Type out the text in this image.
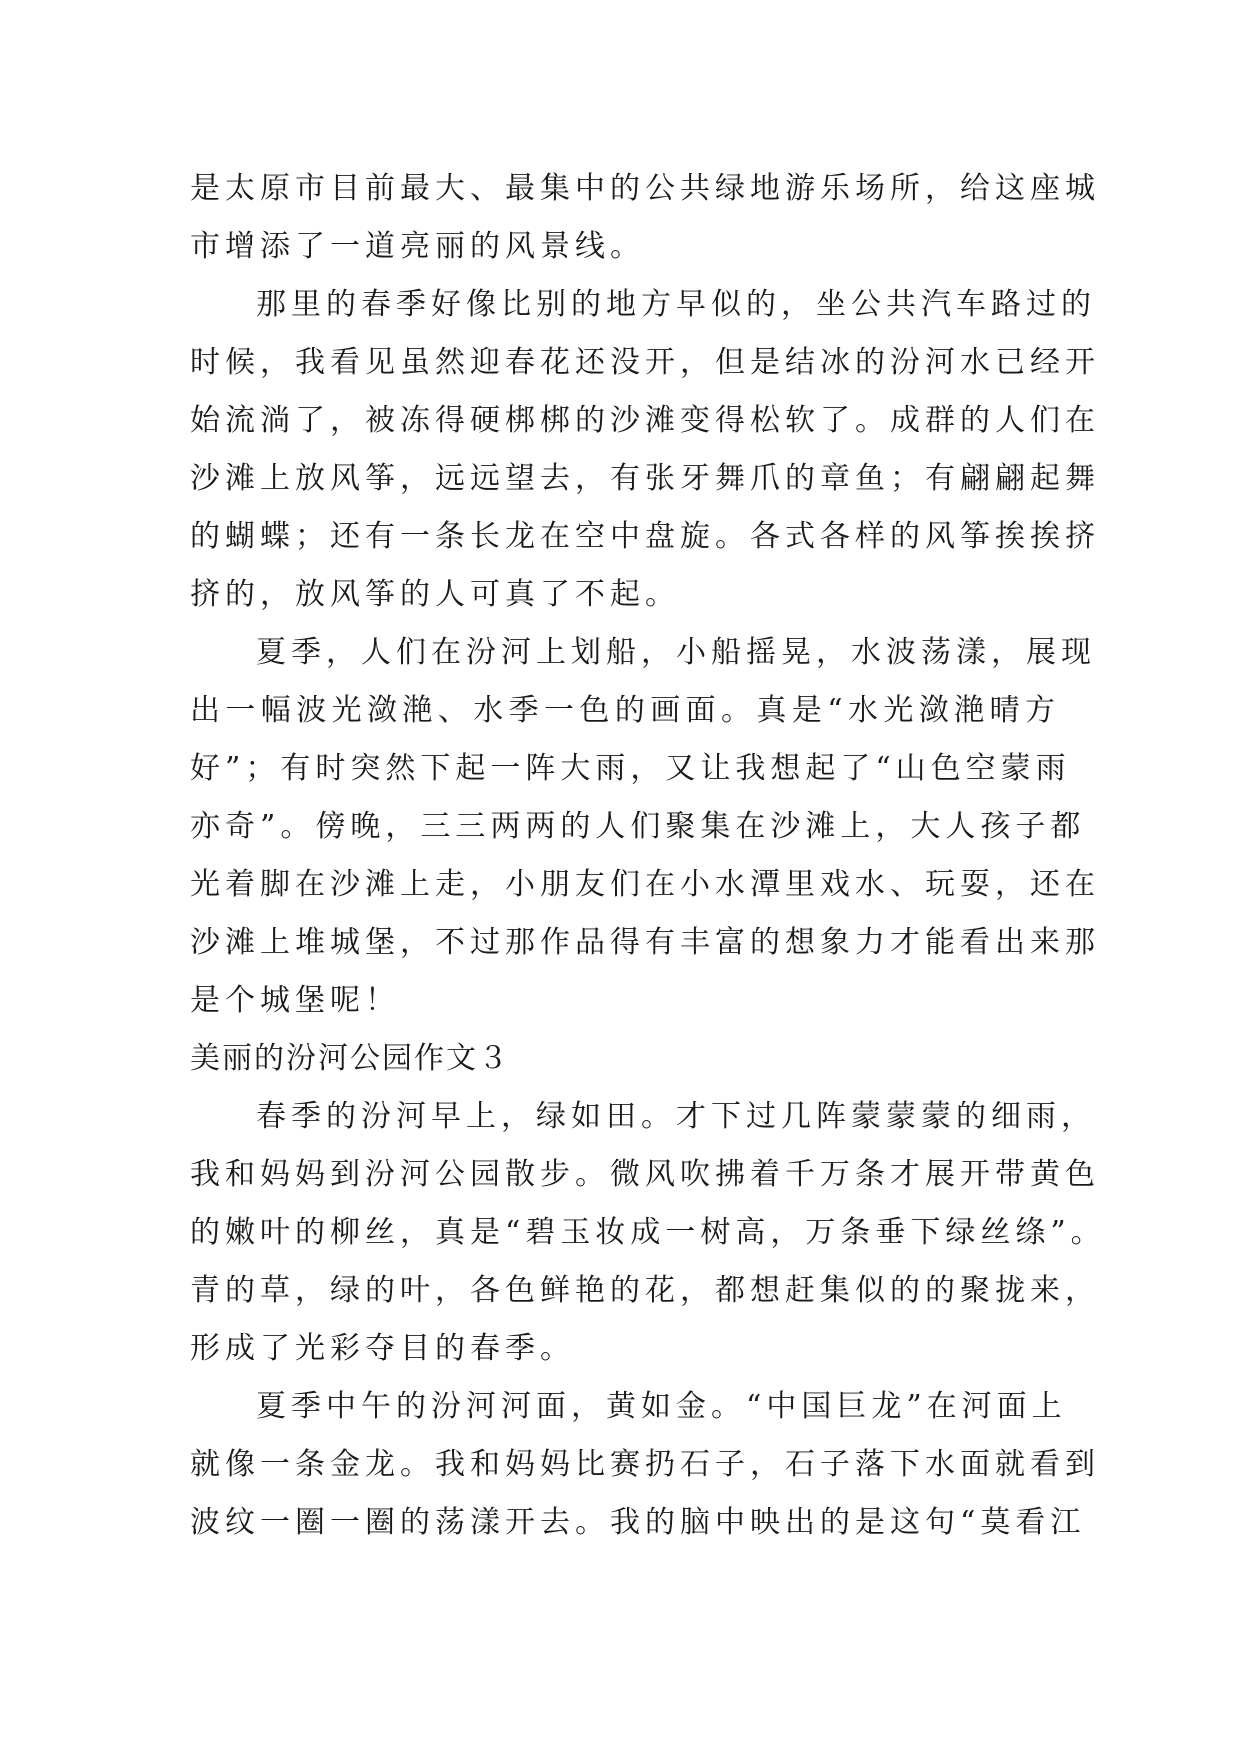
是太原市目前最大、最集中的公共绿地游乐场所，给这座城
市增添了一道亮丽的风景线。
那里的春季好像比别的地方早似的，坐公共汽车路过的
时候，我看见虽然迎春花还没开，但是结冰的汾河水已经开
始流淌了，被冻得硬梆梆的沙滩变得松软了。成群的人们在
沙滩上放风筝，远远望去，有张牙舞爪的章鱼；有翩翩起舞
的蝴蝶；还有一条长龙在空中盘旋。各式各样的风筝挨挨挤
挤的，放风筝的人可真了不起。
夏季，人们在汾河上划船，小船摇晃，水波荡漾，展现
出一幅波光潋滟、水季一色的画面。真是“水光潋滟晴方
好”；有时突然下起一阵大雨，又让我想起了“山色空蒙雨
亦奇”。傍晚，三三两两的人们聚集在沙滩上，大人孩子都
光着脚在沙滩上走，小朋友们在小水潭里戏水、玩耍，还在
沙滩上堆城堡，不过那作品得有丰富的想象力才能看出来那
是个城堡呢！
美丽的汾河公园作文３
春季的汾河早上，绿如田。才下过几阵蒙蒙蒙的细雨，
我和妈妈到汾河公园散步。微风吹拂着千万条才展开带黄色
的嫩叶的柳丝，真是“碧玉妆成一树高，万条垂下绿丝绦”。
青的草，绿的叶，各色鲜艳的花，都想赶集似的的聚拢来，
形成了光彩夺目的春季。
夏季中午的汾河河面，黄如金。“中国巨龙”在河面上
就像一条金龙。我和妈妈比赛扔石子，石子落下水面就看到
波纹一圈一圈的荡漾开去。我的脑中映出的是这句“莫看江
